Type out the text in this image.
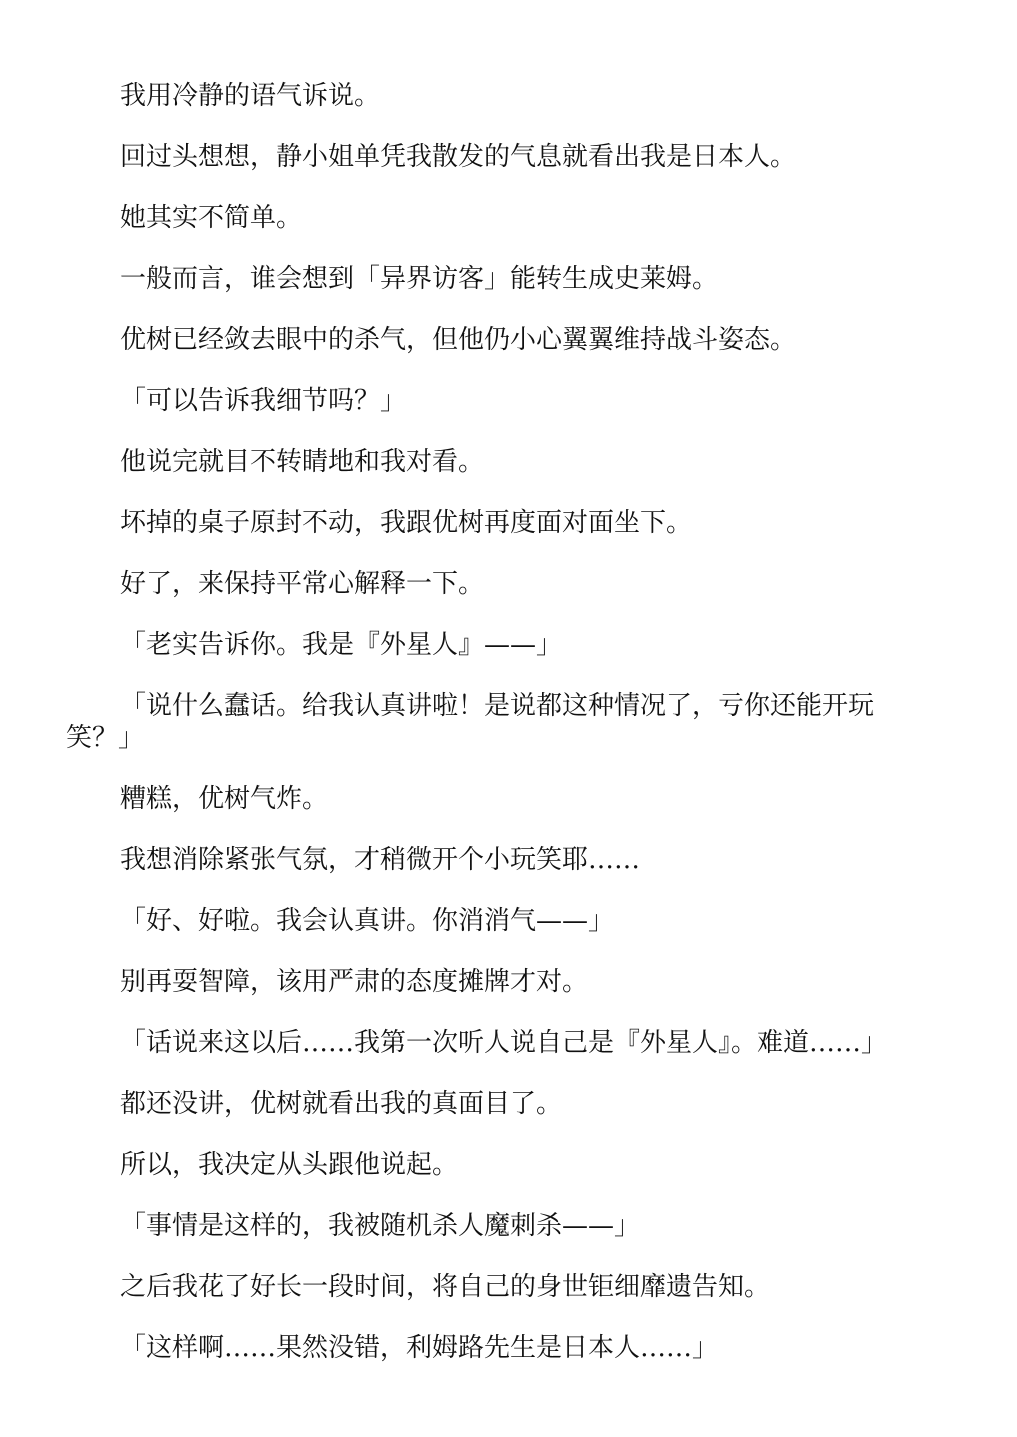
我用冷静的语气诉说。

回过头想想，静小姐单凭我散发的气息就看出我是日本人。

她其实不简单。

一般而言，谁会想到「异界访客」能转生成史莱姆。

优树已经敛去眼中的杀气，但他仍小心翼翼维持战斗姿态。

「可以告诉我细节吗？」

他说完就目不转睛地和我对看。

坏掉的桌子原封不动，我跟优树再度面对面坐下。

好了，来保持平常心解释一下。

「老实告诉你。我是『外星人』——」

「说什么蠢话。给我认真讲啦！是说都这种情况了，亏你还能开玩笑？」

糟糕，优树气炸。

我想消除紧张气氛，才稍微开个小玩笑耶……

「好、好啦。我会认真讲。你消消气——」

别再耍智障，该用严肃的态度摊牌才对。

「话说来这以后……我第一次听人说自己是『外星人』。难道……」

都还没讲，优树就看出我的真面目了。

所以，我决定从头跟他说起。

「事情是这样的，我被随机杀人魔刺杀——」

之后我花了好长一段时间，将自己的身世钜细靡遗告知。

「这样啊……果然没错，利姆路先生是日本人……」
